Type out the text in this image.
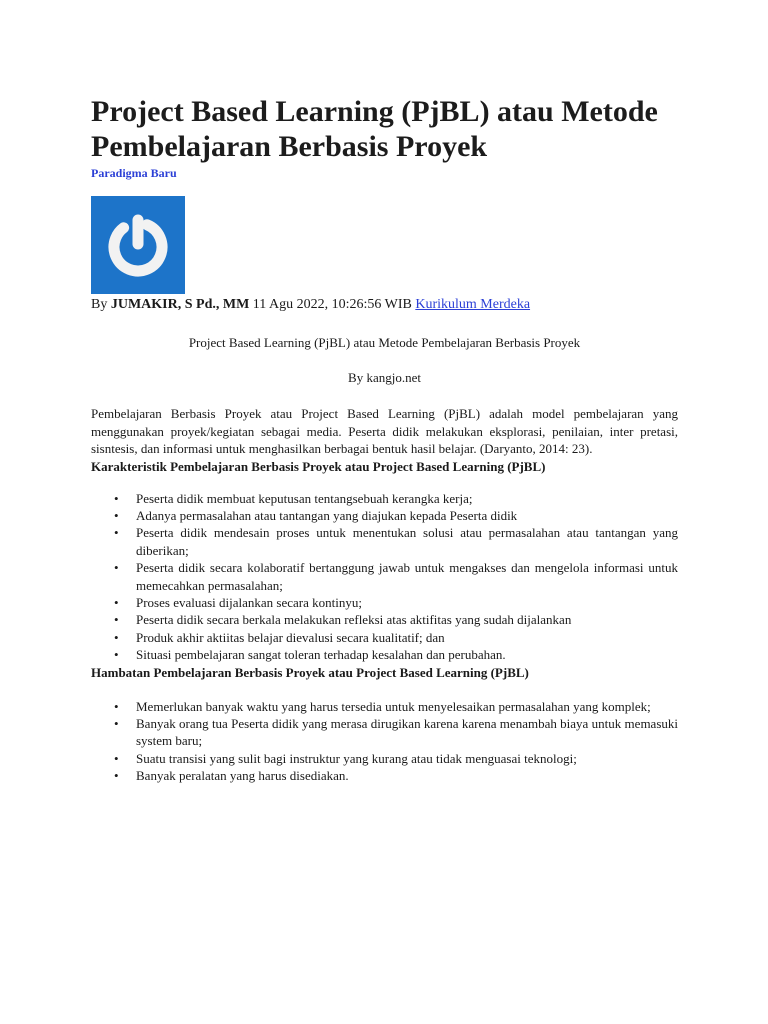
Project Based Learning (PjBL) atau Metode Pembelajaran Berbasis Proyek
Paradigma Baru
By JUMAKIR, S Pd., MM 11 Agu 2022, 10:26:56 WIB Kurikulum Merdeka
Project Based Learning (PjBL) atau Metode Pembelajaran Berbasis Proyek
By kangjo.net

Pembelajaran Berbasis Proyek atau Project Based Learning (PjBL) adalah model pembelajaran yang menggunakan proyek/kegiatan sebagai media. Peserta didik melakukan eksplorasi, penilaian, inter pretasi, sisntesis, dan informasi untuk menghasilkan berbagai bentuk hasil belajar. (Daryanto, 2014: 23).

Karakteristik Pembelajaran Berbasis Proyek atau Project Based Learning (PjBL)
• Peserta didik membuat keputusan tentangsebuah kerangka kerja;
• Adanya permasalahan atau tantangan yang diajukan kepada Peserta didik
• Peserta didik mendesain proses untuk menentukan solusi atau permasalahan atau tantangan yang diberikan;
• Peserta didik secara kolaboratif bertanggung jawab untuk mengakses dan mengelola informasi untuk memecahkan permasalahan;
• Proses evaluasi dijalankan secara kontinyu;
• Peserta didik secara berkala melakukan refleksi atas aktifitas yang sudah dijalankan
• Produk akhir aktiitas belajar dievalusi secara kualitatif; dan
• Situasi pembelajaran sangat toleran terhadap kesalahan dan perubahan.
Hambatan Pembelajaran Berbasis Proyek atau Project Based Learning (PjBL)
• Memerlukan banyak waktu yang harus tersedia untuk menyelesaikan permasalahan yang komplek;
• Banyak orang tua Peserta didik yang merasa dirugikan karena karena menambah biaya untuk memasuki system baru;
• Suatu transisi yang sulit bagi instruktur yang kurang atau tidak menguasai teknologi;
• Banyak peralatan yang harus disediakan.
